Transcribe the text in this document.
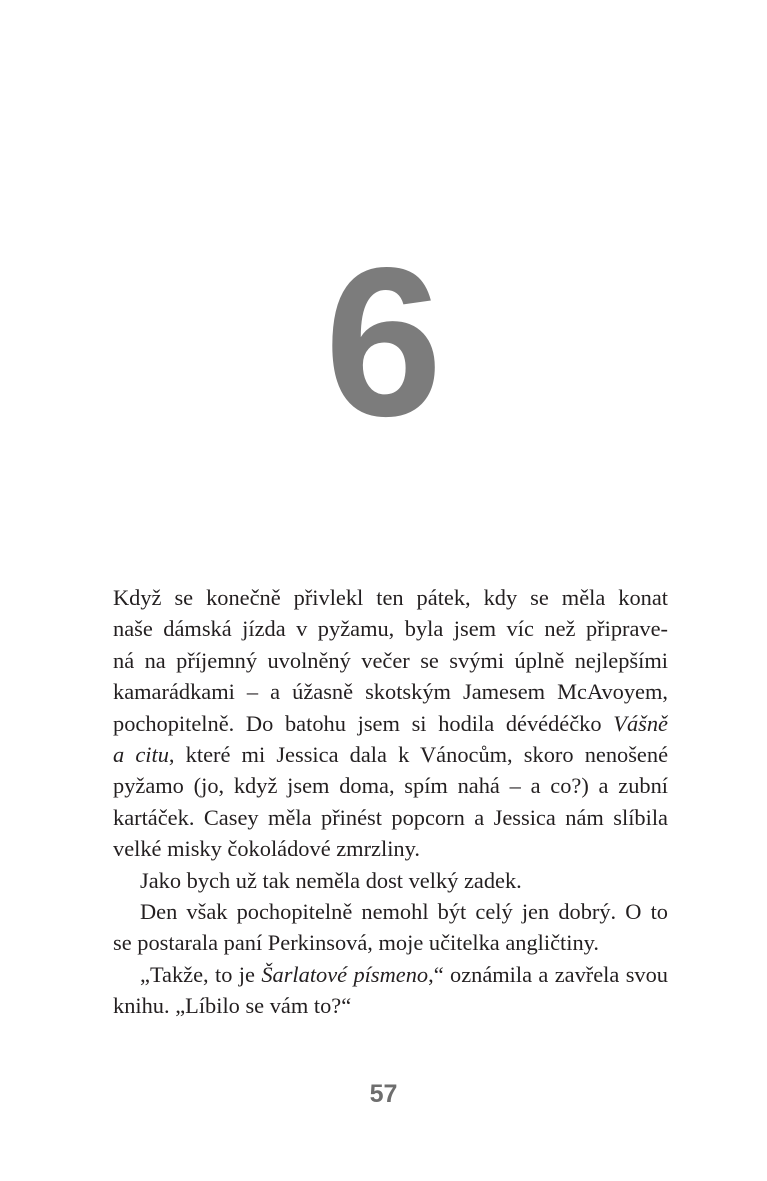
6

Když se konečně přivlekl ten pátek, kdy se měla konat
naše dámská jízda v pyžamu, byla jsem víc než připrave-
ná na příjemný uvolněný večer se svými úplně nejlepšími
kamarádkami – a úžasně skotským Jamesem McAvoyem,
pochopitelně. Do batohu jsem si hodila dévédéčko Vášně
a citu, které mi Jessica dala k Vánocům, skoro nenošené
pyžamo (jo, když jsem doma, spím nahá – a co?) a zubní
kartáček. Casey měla přinést popcorn a Jessica nám slíbila
velké misky čokoládové zmrzliny.

Jako bych už tak neměla dost velký zadek.

Den však pochopitelně nemohl být celý jen dobrý. O to
se postarala paní Perkinsová, moje učitelka angličtiny.

„Takže, to je Šarlatové písmeno,“ oznámila a zavřela svou
knihu. „Líbilo se vám to?“

57
